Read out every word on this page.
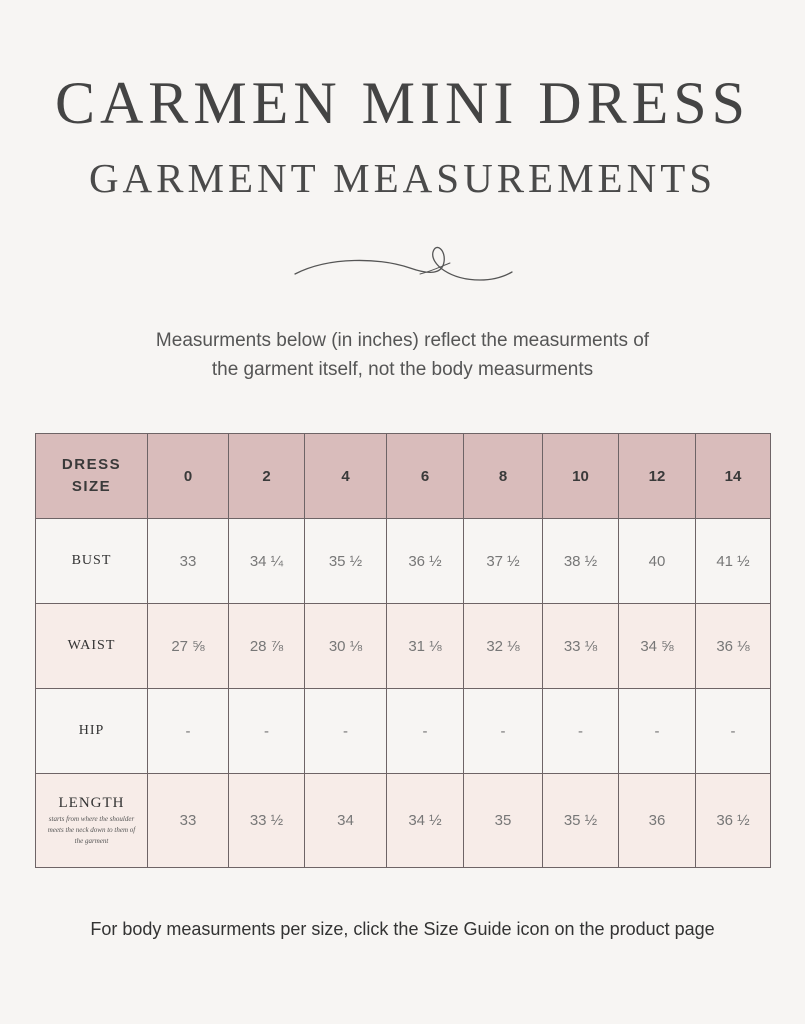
CARMEN MINI DRESS
GARMENT MEASUREMENTS
Measurments below (in inches) reflect the measurments of
the garment itself, not the body measurments
DRESS
SIZE	0	2	4	6	8	10	12	14
BUST	33	34 ¼	35 ½	36 ½	37 ½	38 ½	40	41 ½
WAIST	27 ⅝	28 ⅞	30 ⅛	31 ⅛	32 ⅛	33 ⅛	34 ⅝	36 ⅛
HIP	-	-	-	-	-	-	-	-

LENGTH
starts from where the shoulder meets the neck down to them of the garment	33	33 ½	34	34 ½	35	35 ½	36	36 ½
For body measurments per size, click the Size Guide icon on the product page
